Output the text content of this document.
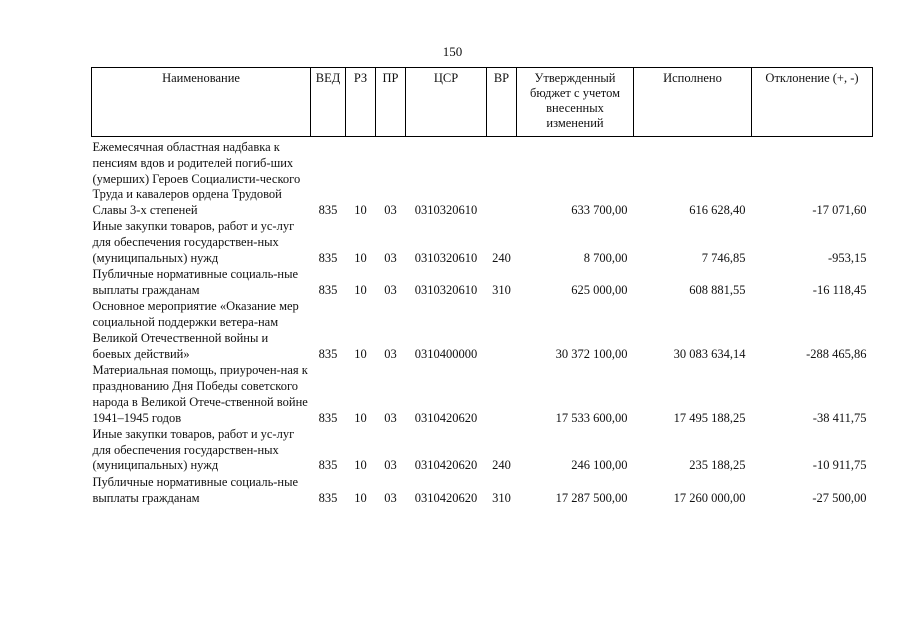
150
Наименование	ВЕД	РЗ	ПР	ЦСР	ВР	Утвержденный бюджет с учетом внесенных изменений	Исполнено	Отклонение (+, -)
Ежемесячная областная надбавка к пенсиям вдов и родителей погиб-ших (умерших) Героев Социалисти-ческого Труда и кавалеров ордена Трудовой Славы 3-х степеней	835	10	03	0310320610		633 700,00	616 628,40	-17 071,60
Иные закупки товаров, работ и ус-луг для обеспечения государствен-ных (муниципальных) нужд	835	10	03	0310320610	240	8 700,00	7 746,85	-953,15
Публичные нормативные социаль-ные выплаты гражданам	835	10	03	0310320610	310	625 000,00	608 881,55	-16 118,45
Основное мероприятие «Оказание мер социальной поддержки ветера-нам Великой Отечественной войны и боевых действий»	835	10	03	0310400000		30 372 100,00	30 083 634,14	-288 465,86
Материальная помощь, приурочен-ная к празднованию Дня Победы советского народа в Великой Отече-ственной войне 1941–1945 годов	835	10	03	0310420620		17 533 600,00	17 495 188,25	-38 411,75
Иные закупки товаров, работ и ус-луг для обеспечения государствен-ных (муниципальных) нужд	835	10	03	0310420620	240	246 100,00	235 188,25	-10 911,75
Публичные нормативные социаль-ные выплаты гражданам	835	10	03	0310420620	310	17 287 500,00	17 260 000,00	-27 500,00
